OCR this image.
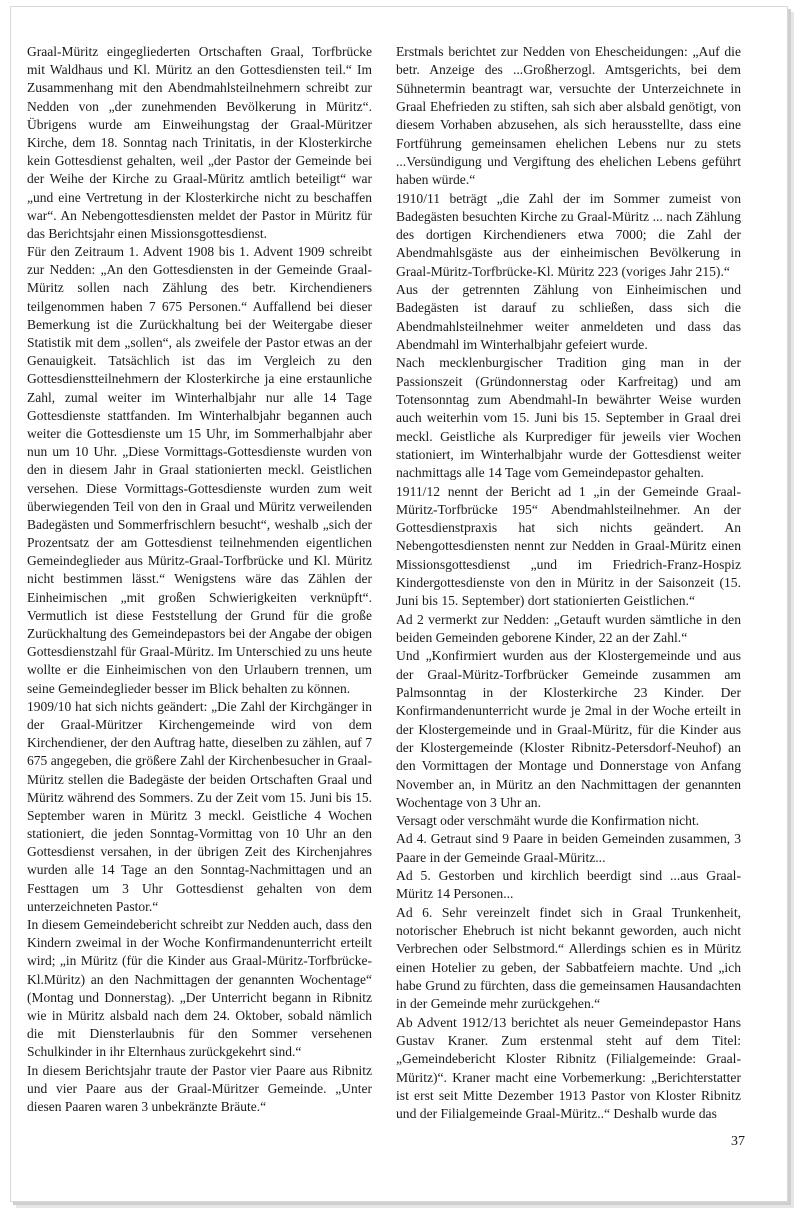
Graal-Müritz eingegliederten Ortschaften Graal, Torfbrücke mit Waldhaus und Kl. Müritz an den Gottesdiensten teil.“ Im Zusammenhang mit den Abendmahlsteilnehmern schreibt zur Nedden von „der zunehmenden Bevölkerung in Müritz“. Übrigens wurde am Einweihungstag der Graal-Müritzer Kirche, dem 18. Sonntag nach Trinitatis, in der Klosterkirche kein Gottesdienst gehalten, weil „der Pastor der Gemeinde bei der Weihe der Kirche zu Graal-Müritz amtlich beteiligt“ war „und eine Vertretung in der Klosterkirche nicht zu beschaffen war“. An Nebengottesdiensten meldet der Pastor in Müritz für das Berichtsjahr einen Missionsgottesdienst.

Für den Zeitraum 1. Advent 1908 bis 1. Advent 1909 schreibt zur Nedden: „An den Gottesdiensten in der Gemeinde Graal-Müritz sollen nach Zählung des betr. Kirchendieners teilgenommen haben 7 675 Personen.“ Auffallend bei dieser Bemerkung ist die Zurückhaltung bei der Weitergabe dieser Statistik mit dem „sollen“, als zweifele der Pastor etwas an der Genauigkeit. Tatsächlich ist das im Vergleich zu den Gottesdienstteilnehmern der Klosterkirche ja eine erstaunliche Zahl, zumal weiter im Winterhalbjahr nur alle 14 Tage Gottesdienste stattfanden. Im Winterhalbjahr begannen auch weiter die Gottesdienste um 15 Uhr, im Sommerhalbjahr aber nun um 10 Uhr. „Diese Vormittags-Gottesdienste wurden von den in diesem Jahr in Graal stationierten meckl. Geistlichen versehen. Diese Vormittags-Gottesdienste wurden zum weit überwiegenden Teil von den in Graal und Müritz verweilenden Badegästen und Sommerfrischlern besucht“, weshalb „sich der Prozentsatz der am Gottesdienst teilnehmenden eigentlichen Gemeindeglieder aus Müritz-Graal-Torfbrücke und Kl. Müritz nicht bestimmen lässt.“ Wenigstens wäre das Zählen der Einheimischen „mit großen Schwierigkeiten verknüpft“. Vermutlich ist diese Feststellung der Grund für die große Zurückhaltung des Gemeindepastors bei der Angabe der obigen Gottesdienstzahl für Graal-Müritz. Im Unterschied zu uns heute wollte er die Einheimischen von den Urlaubern trennen, um seine Gemeindeglieder besser im Blick behalten zu können.

1909/10 hat sich nichts geändert: „Die Zahl der Kirchgänger in der Graal-Müritzer Kirchengemeinde wird von dem Kirchendiener, der den Auftrag hatte, dieselben zu zählen, auf 7 675 angegeben, die größere Zahl der Kirchenbesucher in Graal-Müritz stellen die Badegäste der beiden Ortschaften Graal und Müritz während des Sommers. Zu der Zeit vom 15. Juni bis 15. September waren in Müritz 3 meckl. Geistliche 4 Wochen stationiert, die jeden Sonntag-Vormittag von 10 Uhr an den Gottesdienst versahen, in der übrigen Zeit des Kirchenjahres wurden alle 14 Tage an den Sonntag-Nachmittagen und an Festtagen um 3 Uhr Gottesdienst gehalten von dem unterzeichneten Pastor.“

In diesem Gemeindebericht schreibt zur Nedden auch, dass den Kindern zweimal in der Woche Konfirmandenunterricht erteilt wird; „in Müritz (für die Kinder aus Graal-Müritz-Torfbrücke-Kl.Müritz) an den Nachmittagen der genannten Wochentage“ (Montag und Donnerstag). „Der Unterricht begann in Ribnitz wie in Müritz alsbald nach dem 24. Oktober, sobald nämlich die mit Diensterlaubnis für den Sommer versehenen Schulkinder in ihr Elternhaus zurückgekehrt sind.“

In diesem Berichtsjahr traute der Pastor vier Paare aus Ribnitz und vier Paare aus der Graal-Müritzer Gemeinde. „Unter diesen Paaren waren 3 unbekränzte Bräute.“

Erstmals berichtet zur Nedden von Ehescheidungen: „Auf die betr. Anzeige des ...Großherzogl. Amtsgerichts, bei dem Sühnetermin beantragt war, versuchte der Unterzeichnete in Graal Ehefrieden zu stiften, sah sich aber alsbald genötigt, von diesem Vorhaben abzusehen, als sich herausstellte, dass eine Fortführung gemeinsamen ehelichen Lebens nur zu stets ...Versündigung und Vergiftung des ehelichen Lebens geführt haben würde.“

1910/11 beträgt „die Zahl der im Sommer zumeist von Badegästen besuchten Kirche zu Graal-Müritz ... nach Zählung des dortigen Kirchendieners etwa 7000; die Zahl der Abendmahlsgäste aus der einheimischen Bevölkerung in Graal-Müritz-Torfbrücke-Kl. Müritz 223 (voriges Jahr 215).“

Aus der getrennten Zählung von Einheimischen und Badegästen ist darauf zu schließen, dass sich die Abendmahlsteilnehmer weiter anmeldeten und dass das Abendmahl im Winterhalbjahr gefeiert wurde.

Nach mecklenburgischer Tradition ging man in der Passionszeit (Gründonnerstag oder Karfreitag) und am Totensonntag zum Abendmahl-In bewährter Weise wurden auch weiterhin vom 15. Juni bis 15. September in Graal drei meckl. Geistliche als Kurprediger für jeweils vier Wochen stationiert, im Winterhalbjahr wurde der Gottesdienst weiter nachmittags alle 14 Tage vom Gemeindepastor gehalten.

1911/12 nennt der Bericht ad 1 „in der Gemeinde Graal-Müritz-Torfbrücke 195“ Abendmahlsteilnehmer. An der Gottesdienstpraxis hat sich nichts geändert. An Nebengottesdiensten nennt zur Nedden in Graal-Müritz einen Missionsgottesdienst „und im Friedrich-Franz-Hospiz Kindergottesdienste von den in Müritz in der Saisonzeit (15. Juni bis 15. September) dort stationierten Geistlichen.“

Ad 2 vermerkt zur Nedden: „Getauft wurden sämtliche in den beiden Gemeinden geborene Kinder, 22 an der Zahl.“

Und „Konfirmiert wurden aus der Klostergemeinde und aus der Graal-Müritz-Torfbrücker Gemeinde zusammen am Palmsonntag in der Klosterkirche 23 Kinder. Der Konfirmandenunterricht wurde je 2mal in der Woche erteilt in der Klostergemeinde und in Graal-Müritz, für die Kinder aus der Klostergemeinde (Kloster Ribnitz-Petersdorf-Neuhof) an den Vormittagen der Montage und Donnerstage von Anfang November an, in Müritz an den Nachmittagen der genannten Wochentage von 3 Uhr an.

Versagt oder verschmäht wurde die Konfirmation nicht.

Ad 4. Getraut sind 9 Paare in beiden Gemeinden zusammen, 3 Paare in der Gemeinde Graal-Müritz...

Ad 5. Gestorben und kirchlich beerdigt sind ...aus Graal-Müritz 14 Personen...

Ad 6. Sehr vereinzelt findet sich in Graal Trunkenheit, notorischer Ehebruch ist nicht bekannt geworden, auch nicht Verbrechen oder Selbstmord.“ Allerdings schien es in Müritz einen Hotelier zu geben, der Sabbatfeiern machte. Und „ich habe Grund zu fürchten, dass die gemeinsamen Hausandachten in der Gemeinde mehr zurückgehen.“

Ab Advent 1912/13 berichtet als neuer Gemeindepastor Hans Gustav Kraner. Zum erstenmal steht auf dem Titel: „Gemeindebericht Kloster Ribnitz (Filialgemeinde: Graal-Müritz)“. Kraner macht eine Vorbemerkung: „Berichterstatter ist erst seit Mitte Dezember 1913 Pastor von Kloster Ribnitz und der Filialgemeinde Graal-Müritz..“ Deshalb wurde das

37
